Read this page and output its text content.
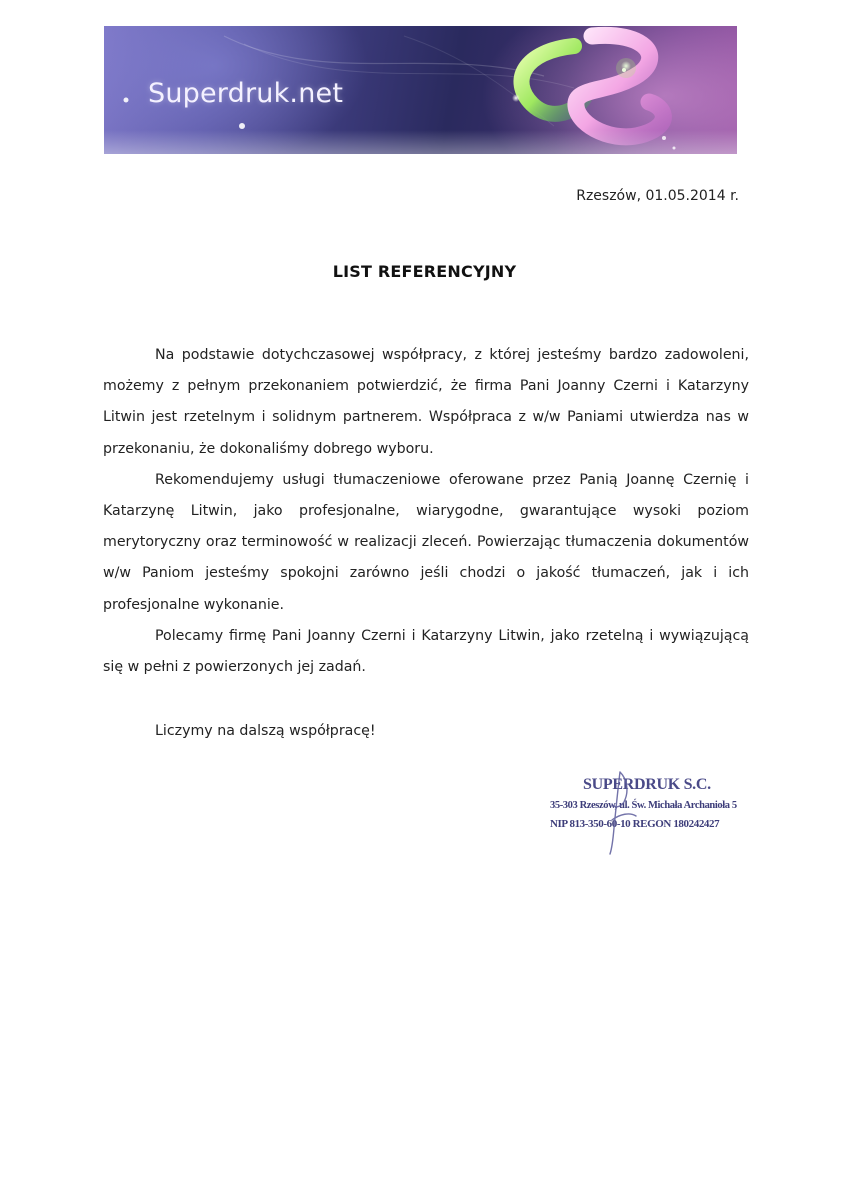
Superdruk.net
Rzeszów, 01.05.2014 r.
LIST REFERENCYJNY

Na podstawie dotychczasowej współpracy, z której jesteśmy bardzo zadowoleni, możemy z pełnym przekonaniem potwierdzić, że firma Pani Joanny Czerni i Katarzyny Litwin jest rzetelnym i solidnym partnerem. Współpraca z w/w Paniami utwierdza nas w przekonaniu, że dokonaliśmy dobrego wyboru.

Rekomendujemy usługi tłumaczeniowe oferowane przez Panią Joannę Czernię i Katarzynę Litwin, jako profesjonalne, wiarygodne, gwarantujące wysoki poziom merytoryczny oraz terminowość w realizacji zleceń. Powierzając tłumaczenia dokumentów w/w Paniom jesteśmy spokojni zarówno jeśli chodzi o jakość tłumaczeń, jak i ich profesjonalne wykonanie.

Polecamy firmę Pani Joanny Czerni i Katarzyny Litwin, jako rzetelną i wywiązującą się w pełni z powierzonych jej zadań.

Liczymy na dalszą współpracę!
SUPERDRUK S.C.
35-303 Rzeszów, ul. Św. Michała Archanioła 5
NIP 813-350-60-10 REGON 180242427
